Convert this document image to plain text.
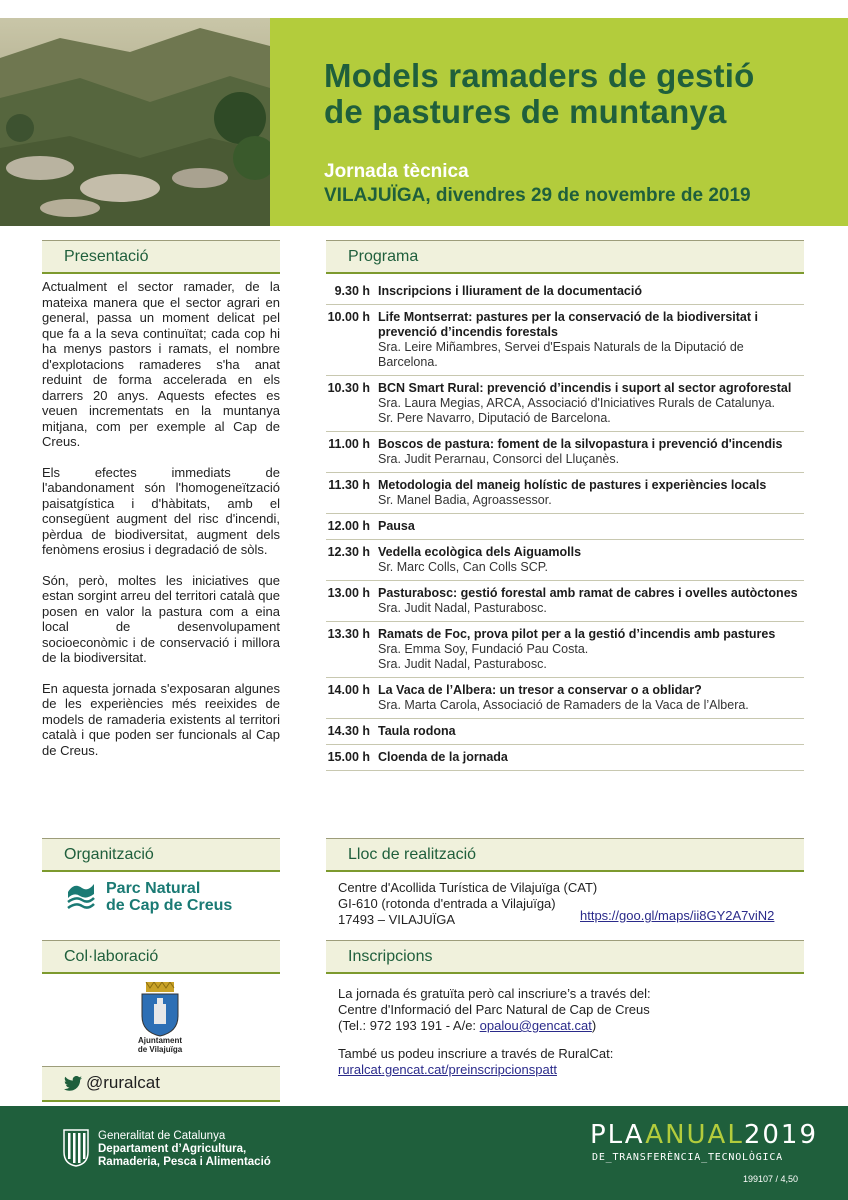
Models ramaders de gestió
de pastures de muntanya
Jornada tècnica
VILAJUÏGA, divendres 29 de novembre de 2019
Presentació

Actualment el sector ramader, de la mateixa manera que el sector agrari en general, passa un moment delicat pel que fa a la seva continuïtat; cada cop hi ha menys pastors i ramats, el nombre d'explotacions ramaderes s'ha anat reduint de forma accelerada en els darrers 20 anys. Aquests efectes es veuen incrementats en la muntanya mitjana, com per exemple al Cap de Creus.

Els efectes immediats de l'abandonament són l'homogeneïtzació paisatgística i d'hàbitats, amb el consegüent augment del risc d'incendi, pèrdua de biodiversitat, augment dels fenòmens erosius i degradació de sòls.

Són, però, moltes les iniciatives que estan sorgint arreu del territori català que posen en valor la pastura com a eina local de desenvolupament socioeconòmic i de conservació i millora de la biodiversitat.

En aquesta jornada s'exposaran algunes de les experiències més reeixides de models de ramaderia existents al territori català i que poden ser funcionals al Cap de Creus.

Programa
9.30 h Inscripcions i lliurament de la documentació
10.00 h Life Montserrat: pastures per la conservació de la biodiversitat i prevenció d’incendis forestals
Sra. Leire Miñambres, Servei d'Espais Naturals de la Diputació de Barcelona.
10.30 h BCN Smart Rural: prevenció d’incendis i suport al sector agroforestal
Sra. Laura Megias, ARCA, Associació d'Iniciatives Rurals de Catalunya.
Sr. Pere Navarro, Diputació de Barcelona.
11.00 h Boscos de pastura: foment de la silvopastura i prevenció d'incendis
Sra. Judit Perarnau, Consorci del Lluçanès.
11.30 h Metodologia del maneig holístic de pastures i experiències locals
Sr. Manel Badia, Agroassessor.
12.00 h Pausa
12.30 h Vedella ecològica dels Aiguamolls
Sr. Marc Colls, Can Colls SCP.
13.00 h Pasturabosc: gestió forestal amb ramat de cabres i ovelles autòctones
Sra. Judit Nadal, Pasturabosc.
13.30 h Ramats de Foc, prova pilot per a la gestió d’incendis amb pastures
Sra. Emma Soy, Fundació Pau Costa.
Sra. Judit Nadal, Pasturabosc.
14.00 h La Vaca de l’Albera: un tresor a conservar o a oblidar?
Sra. Marta Carola, Associació de Ramaders de la Vaca de l’Albera.
14.30 h Taula rodona
15.00 h Cloenda de la jornada
Organització
Parc Natural
de Cap de Creus
Col·laboració
Ajuntament
de Vilajuïga
@ruralcat
Lloc de realització
Centre d'Acollida Turística de Vilajuïga (CAT)
GI-610 (rotonda d'entrada a Vilajuïga)
17493 – VILAJUÏGA	https://goo.gl/maps/ii8GY2A7viN2
Inscripcions
La jornada és gratuïta però cal inscriure’s a través del:
Centre d'Informació del Parc Natural de Cap de Creus
(Tel.: 972 193 191 - A/e: opalou@gencat.cat)
També us podeu inscriure a través de RuralCat:
ruralcat.gencat.cat/preinscripcionspatt
Generalitat de Catalunya
Departament d’Agricultura,
Ramaderia, Pesca i Alimentació
PLAANUAL2019
DE_TRANSFERÈNCIA_TECNOLÒGICA
199107 / 4,50
